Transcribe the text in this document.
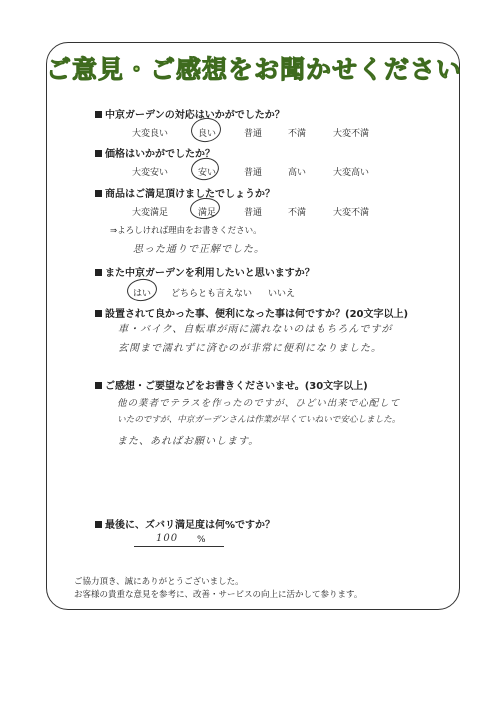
ご意見・ご感想をお聞かせください
中京ガーデンの対応はいかがでしたか？
大変良い	良い	普通	不満	大変不満
価格はいかがでしたか？
大変安い	安い	普通	高い	大変高い
商品はご満足頂けましたでしょうか？
大変満足	満足	普通	不満	大変不満
⇒よろしければ理由をお書きください。
思った通りで正解でした。
また中京ガーデンを利用したいと思いますか？
はい どちらとも言えない いいえ
設置されて良かった事、便利になった事は何ですか？(20文字以上)
車・バイク、自転車が雨に濡れないのはもちろんですが
玄関まで濡れずに済むのが非常に便利になりました。
ご感想・ご要望などをお書きくださいませ。(30文字以上)
他の業者でテラスを作ったのですが、ひどい出来で心配して
いたのですが、中京ガーデンさんは作業が早くていねいで安心しました。
また、あればお願いします。
最後に、ズバリ満足度は何%ですか？
100 %
ご協力頂き、誠にありがとうございました。
お客様の貴重な意見を参考に、改善・サービスの向上に活かして参ります。
